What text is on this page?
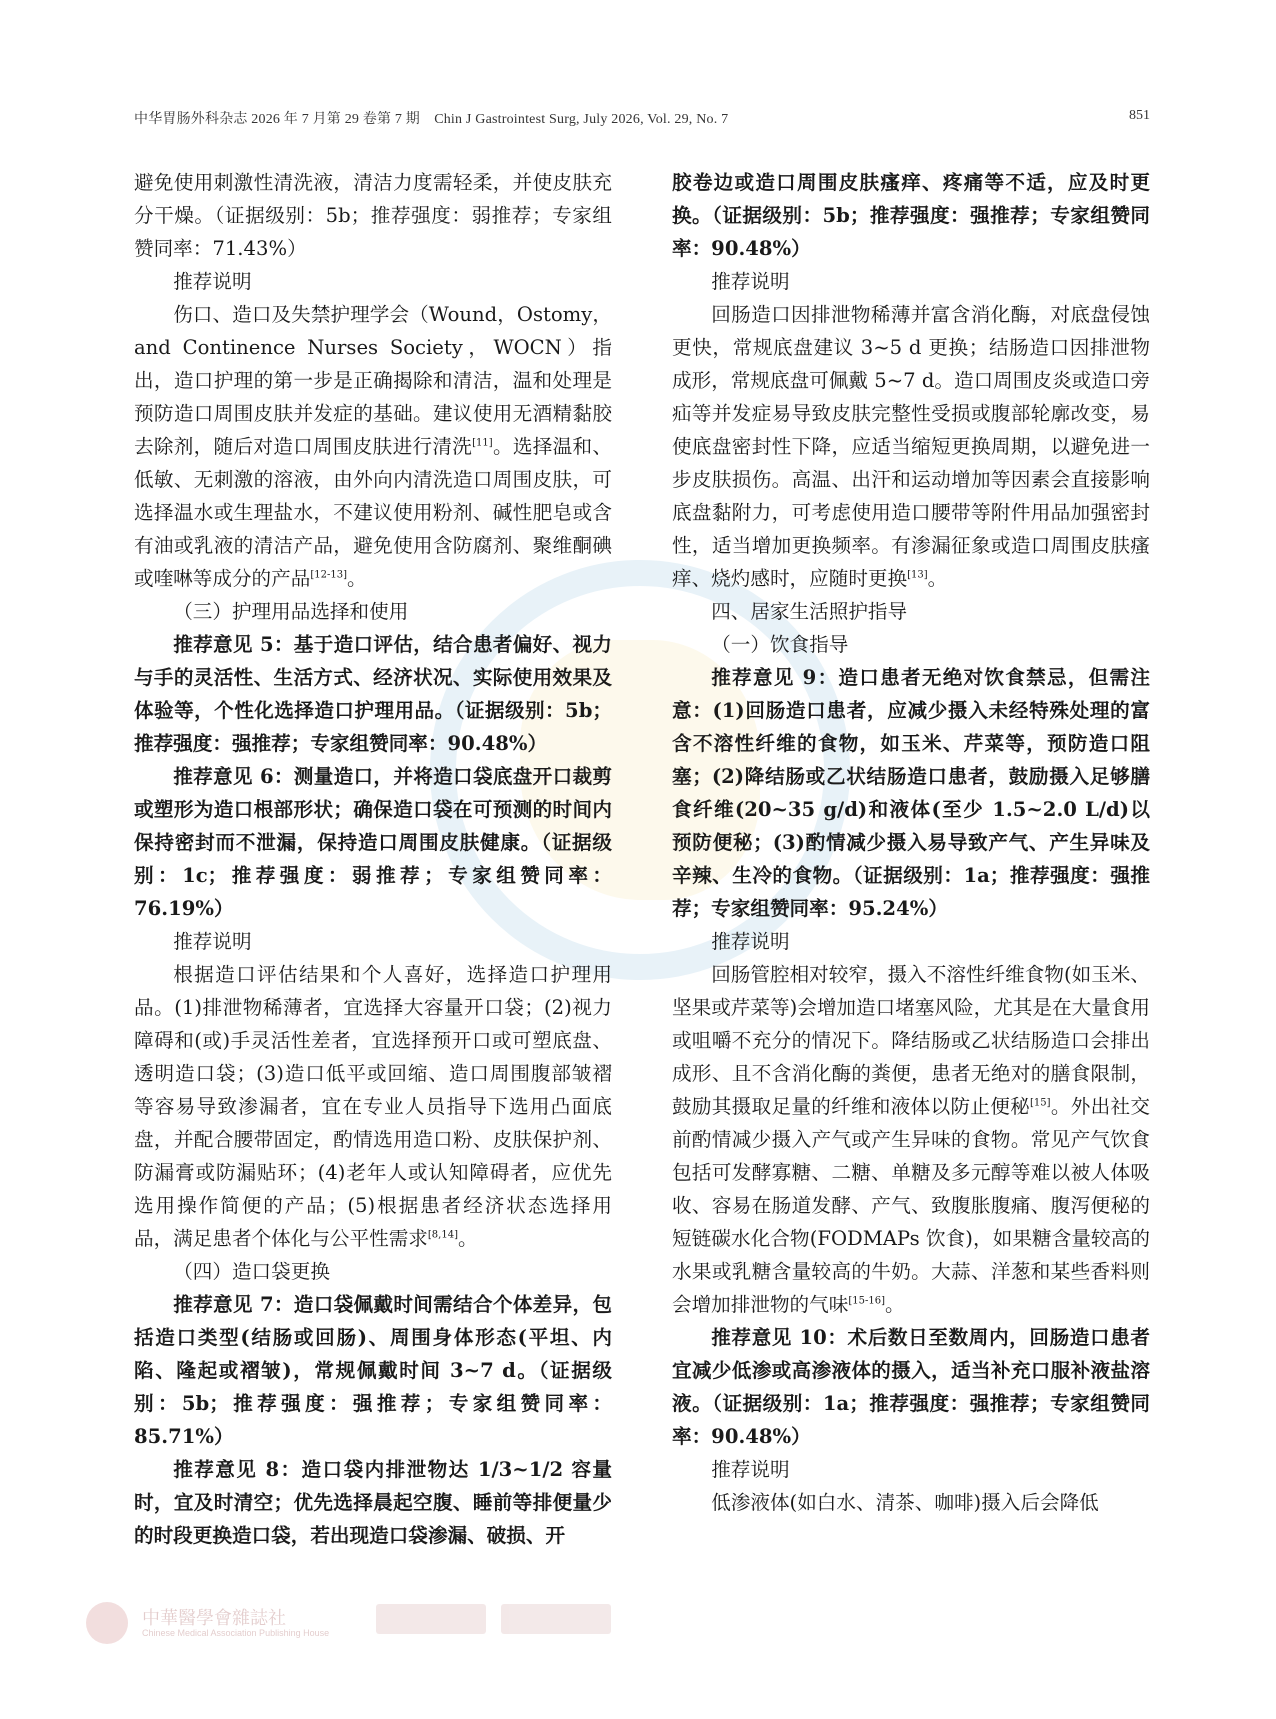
中华胃肠外科杂志 2026 年 7 月第 29 卷第 7 期　Chin J Gastrointest Surg, July 2026, Vol. 29, No. 7	851

避免使用刺激性清洗液，清洁力度需轻柔，并使皮肤充分干燥。（证据级别：5b；推荐强度：弱推荐；专家组赞同率：71.43%）

推荐说明

伤口、造口及失禁护理学会（Wound，Ostomy，and Continence Nurses Society，WOCN）指出，造口护理的第一步是正确揭除和清洁，温和处理是预防造口周围皮肤并发症的基础。建议使用无酒精黏胶去除剂，随后对造口周围皮肤进行清洗[11]。选择温和、低敏、无刺激的溶液，由外向内清洗造口周围皮肤，可选择温水或生理盐水，不建议使用粉剂、碱性肥皂或含有油或乳液的清洁产品，避免使用含防腐剂、聚维酮碘或喹啉等成分的产品[12-13]。

（三）护理用品选择和使用

推荐意见 5：基于造口评估，结合患者偏好、视力与手的灵活性、生活方式、经济状况、实际使用效果及体验等，个性化选择造口护理用品。（证据级别：5b；推荐强度：强推荐；专家组赞同率：90.48%）

推荐意见 6：测量造口，并将造口袋底盘开口裁剪或塑形为造口根部形状；确保造口袋在可预测的时间内保持密封而不泄漏，保持造口周围皮肤健康。（证据级别：1c；推荐强度：弱推荐；专家组赞同率：76.19%）

推荐说明

根据造口评估结果和个人喜好，选择造口护理用品。(1)排泄物稀薄者，宜选择大容量开口袋；(2)视力障碍和(或)手灵活性差者，宜选择预开口或可塑底盘、透明造口袋；(3)造口低平或回缩、造口周围腹部皱褶等容易导致渗漏者，宜在专业人员指导下选用凸面底盘，并配合腰带固定，酌情选用造口粉、皮肤保护剂、防漏膏或防漏贴环；(4)老年人或认知障碍者，应优先选用操作简便的产品；(5)根据患者经济状态选择用品，满足患者个体化与公平性需求[8,14]。

（四）造口袋更换

推荐意见 7：造口袋佩戴时间需结合个体差异，包括造口类型(结肠或回肠)、周围身体形态(平坦、内陷、隆起或褶皱)，常规佩戴时间 3~7 d。（证据级别：5b；推荐强度：强推荐；专家组赞同率：85.71%）

推荐意见 8：造口袋内排泄物达 1/3~1/2 容量时，宜及时清空；优先选择晨起空腹、睡前等排便量少的时段更换造口袋，若出现造口袋渗漏、破损、开

胶卷边或造口周围皮肤瘙痒、疼痛等不适，应及时更换。（证据级别：5b；推荐强度：强推荐；专家组赞同率：90.48%）

推荐说明

回肠造口因排泄物稀薄并富含消化酶，对底盘侵蚀更快，常规底盘建议 3~5 d 更换；结肠造口因排泄物成形，常规底盘可佩戴 5~7 d。造口周围皮炎或造口旁疝等并发症易导致皮肤完整性受损或腹部轮廓改变，易使底盘密封性下降，应适当缩短更换周期，以避免进一步皮肤损伤。高温、出汗和运动增加等因素会直接影响底盘黏附力，可考虑使用造口腰带等附件用品加强密封性，适当增加更换频率。有渗漏征象或造口周围皮肤瘙痒、烧灼感时，应随时更换[13]。

四、居家生活照护指导

（一）饮食指导

推荐意见 9：造口患者无绝对饮食禁忌，但需注意：(1)回肠造口患者，应减少摄入未经特殊处理的富含不溶性纤维的食物，如玉米、芹菜等，预防造口阻塞；(2)降结肠或乙状结肠造口患者，鼓励摄入足够膳食纤维(20~35 g/d)和液体(至少 1.5~2.0 L/d)以预防便秘；(3)酌情减少摄入易导致产气、产生异味及辛辣、生冷的食物。（证据级别：1a；推荐强度：强推荐；专家组赞同率：95.24%）

推荐说明

回肠管腔相对较窄，摄入不溶性纤维食物(如玉米、坚果或芹菜等)会增加造口堵塞风险，尤其是在大量食用或咀嚼不充分的情况下。降结肠或乙状结肠造口会排出成形、且不含消化酶的粪便，患者无绝对的膳食限制，鼓励其摄取足量的纤维和液体以防止便秘[15]。外出社交前酌情减少摄入产气或产生异味的食物。常见产气饮食包括可发酵寡糖、二糖、单糖及多元醇等难以被人体吸收、容易在肠道发酵、产气、致腹胀腹痛、腹泻便秘的短链碳水化合物(FODMAPs 饮食)，如果糖含量较高的水果或乳糖含量较高的牛奶。大蒜、洋葱和某些香料则会增加排泄物的气味[15-16]。

推荐意见 10：术后数日至数周内，回肠造口患者宜减少低渗或高渗液体的摄入，适当补充口服补液盐溶液。（证据级别：1a；推荐强度：强推荐；专家组赞同率：90.48%）

推荐说明

低渗液体(如白水、清茶、咖啡)摄入后会降低

中華醫學會雜誌社
Chinese Medical Association Publishing House
